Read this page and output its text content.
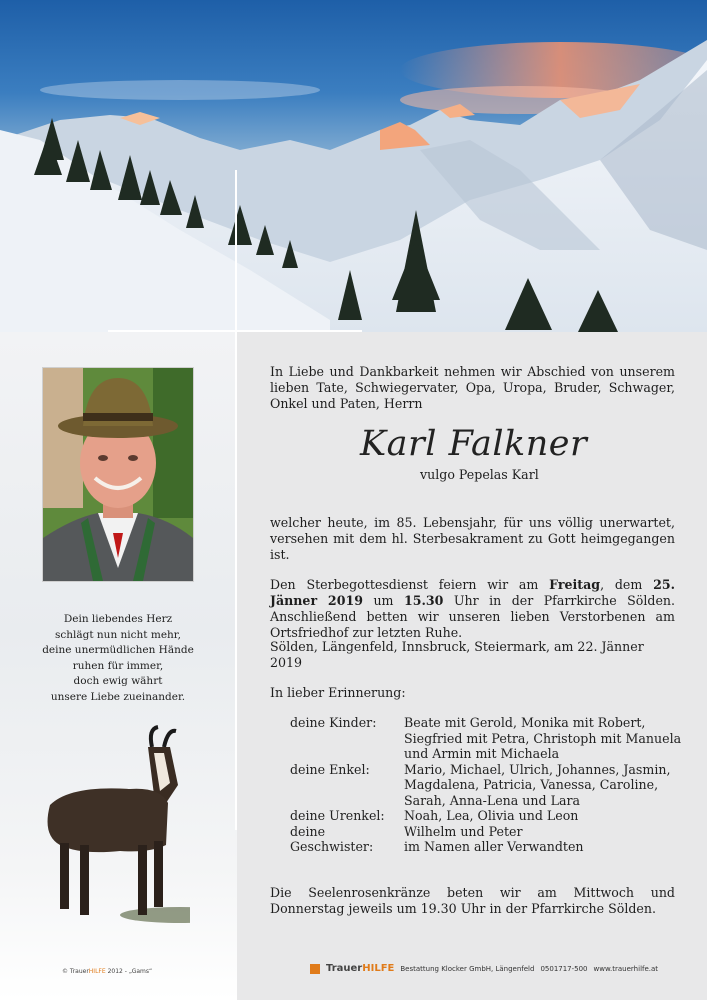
Dein liebendes Herz
schlägt nun nicht mehr,
deine unermüdlichen Hände
ruhen für immer,
doch ewig währt
unsere Liebe zueinander.
© TrauerHILFE 2012 - „Gams“
In Liebe und Dankbarkeit nehmen wir Abschied von unserem lieben Tate, Schwiegervater, Opa, Uropa, Bruder, Schwager, Onkel und Paten, Herrn
Karl Falkner
vulgo Pepelas Karl
welcher heute, im 85. Lebensjahr, für uns völlig unerwartet, versehen mit dem hl. Sterbesakrament zu Gott heimgegangen ist.
Den Sterbegottesdienst feiern wir am Freitag, dem 25. Jänner 2019 um 15.30 Uhr in der Pfarrkirche Sölden. Anschließend betten wir unseren lieben Verstorbenen am Ortsfriedhof zur letzten Ruhe.
Sölden, Längenfeld, Innsbruck, Steiermark, am 22. Jänner 2019
In lieber Erinnerung:
deine Kinder:	Beate mit Gerold, Monika mit Robert,
Siegfried mit Petra, Christoph mit Manuela
und Armin mit Michaela
deine Enkel:	Mario, Michael, Ulrich, Johannes, Jasmin,
Magdalena, Patricia, Vanessa, Caroline,
Sarah, Anna-Lena und Lara
deine Urenkel:	Noah, Lea, Olivia und Leon
deine Geschwister:
Wilhelm und Peter
im Namen aller Verwandten
Die Seelenrosenkränze beten wir am Mittwoch und Donnerstag jeweils um 19.30 Uhr in der Pfarrkirche Sölden.
TrauerHILFE Bestattung Klocker GmbH, Längenfeld 0501717-500 www.trauerhilfe.at
